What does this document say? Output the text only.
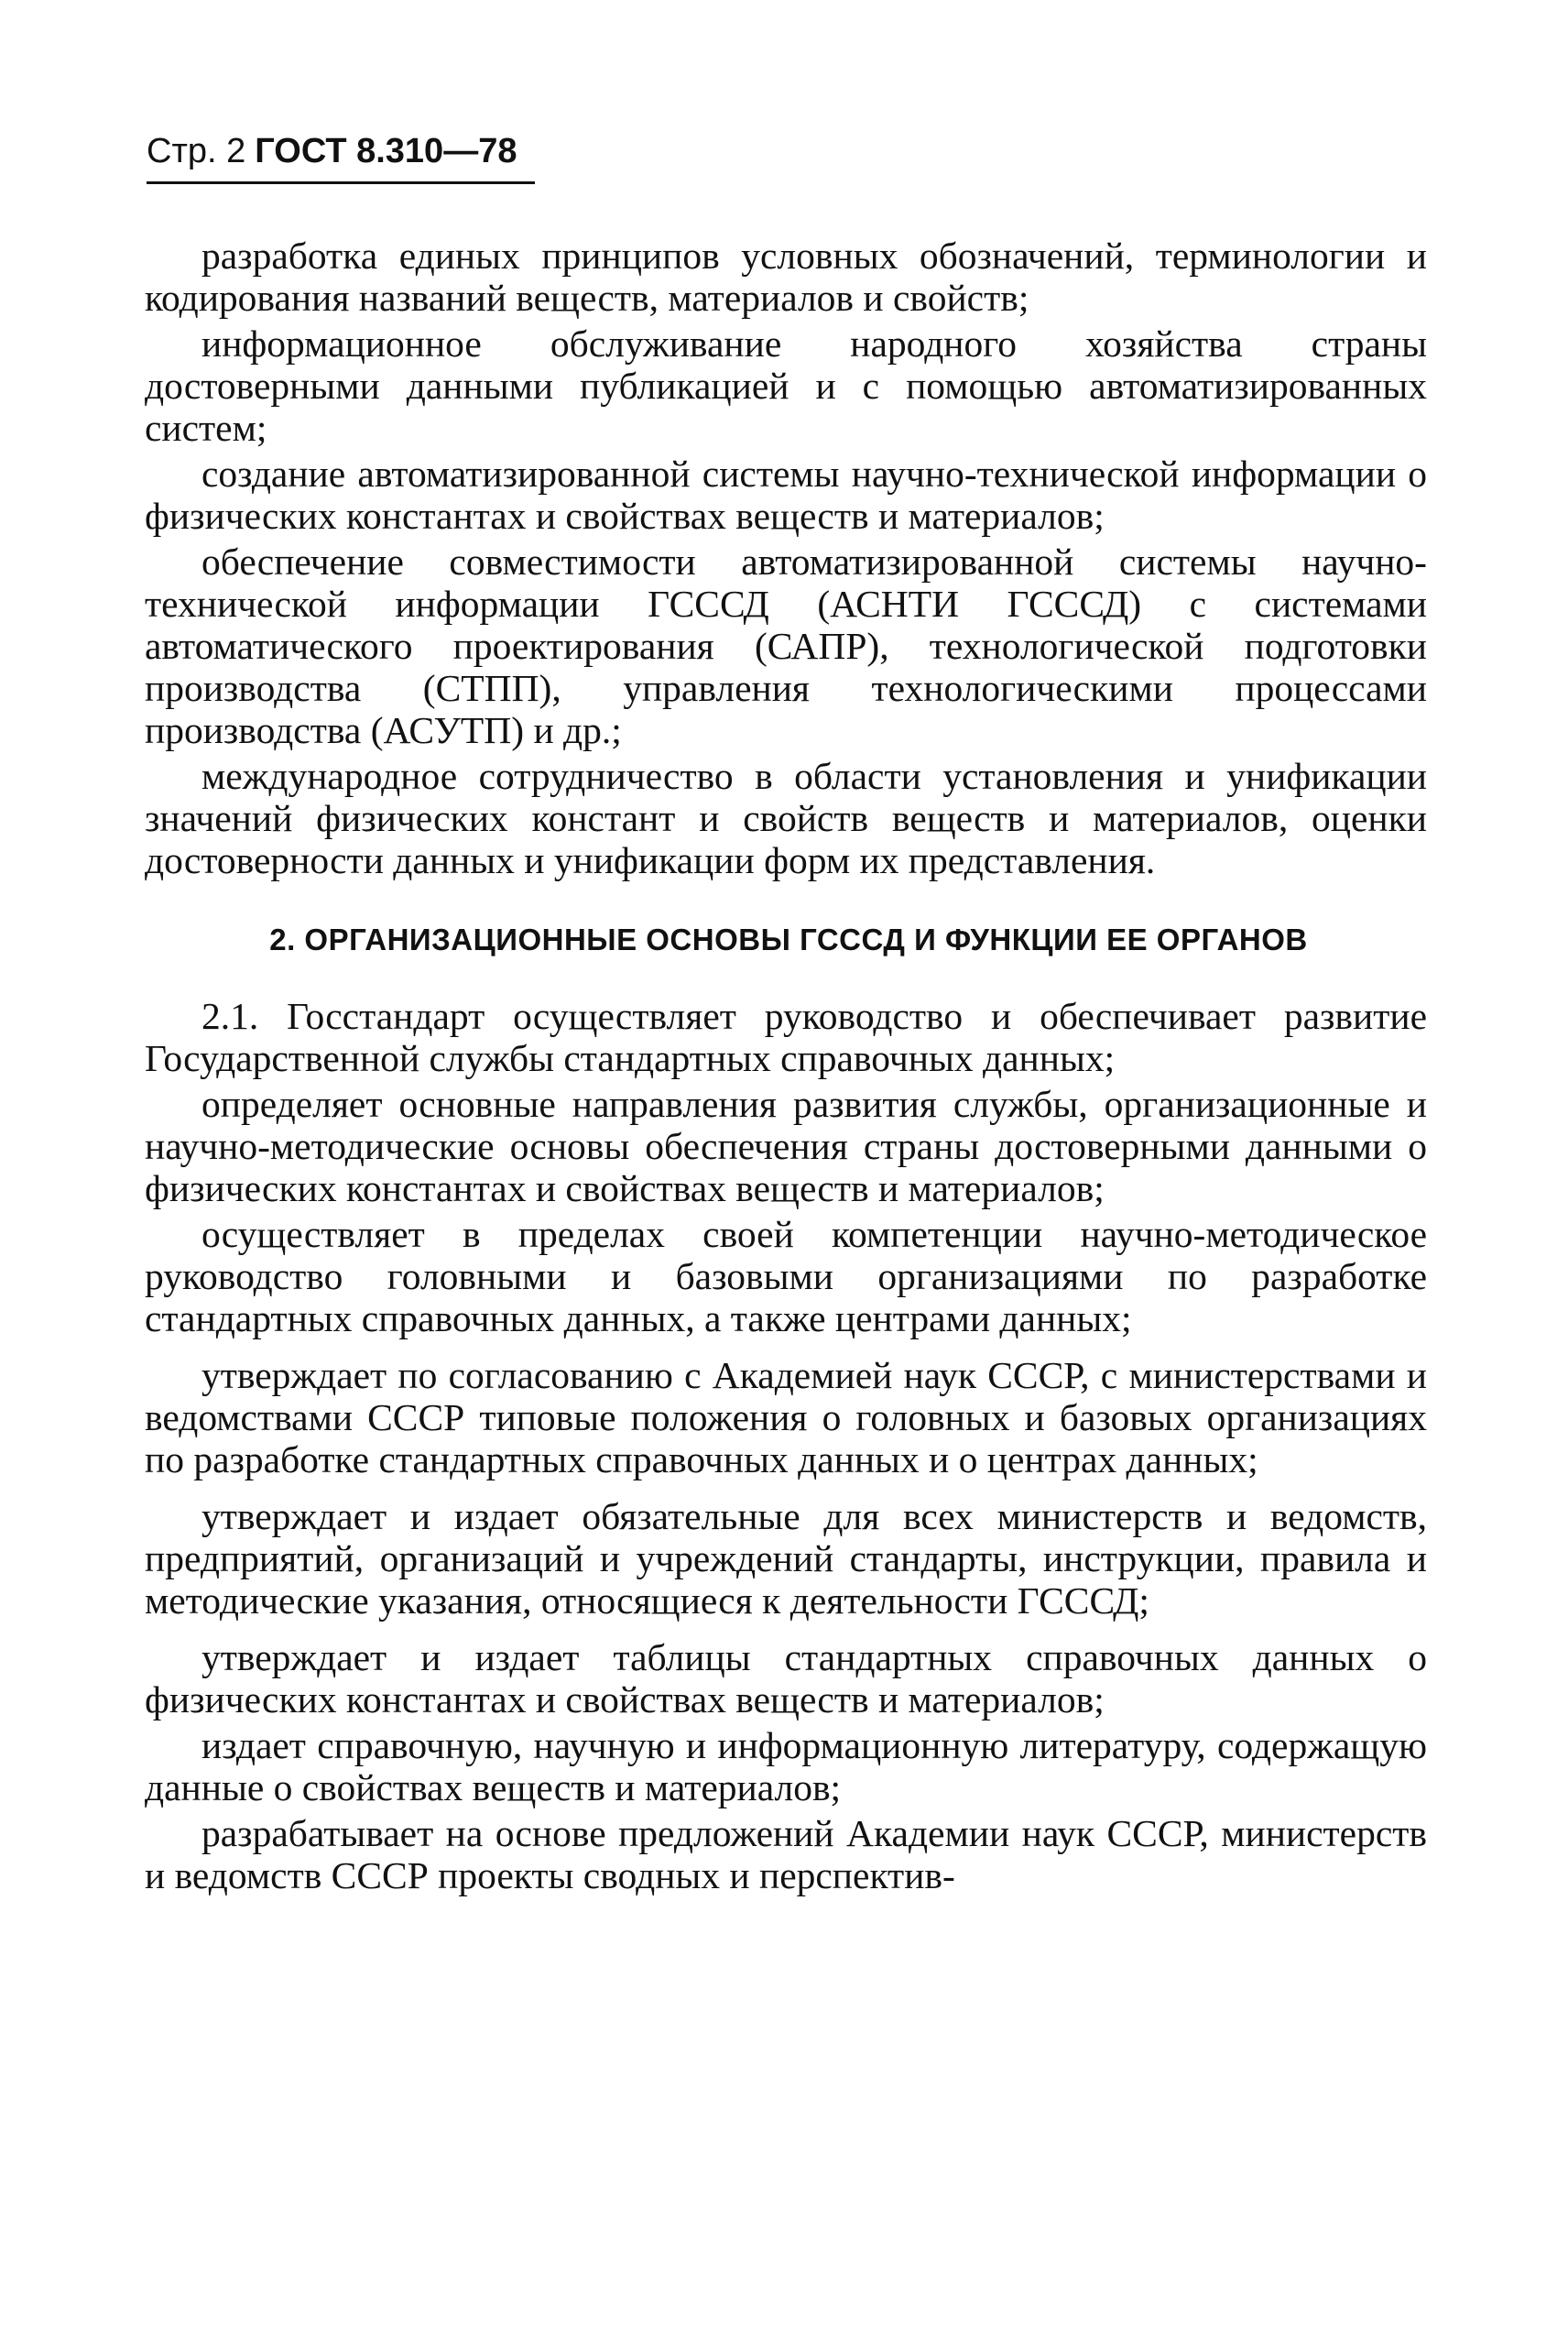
Стр. 2 ГОСТ 8.310—78

разработка единых принципов условных обозначений, терминологии и кодирования названий веществ, материалов и свойств;

информационное обслуживание народного хозяйства страны достоверными данными публикацией и с помощью автоматизированных систем;

создание автоматизированной системы научно-технической информации о физических константах и свойствах веществ и материалов;

обеспечение совместимости автоматизированной системы научно-технической информации ГСССД (АСНТИ ГСССД) с системами автоматического проектирования (САПР), технологической подготовки производства (СТПП), управления технологическими процессами производства (АСУТП) и др.;

международное сотрудничество в области установления и унификации значений физических констант и свойств веществ и материалов, оценки достоверности данных и унификации форм их представления.

2. ОРГАНИЗАЦИОННЫЕ ОСНОВЫ ГСССД И ФУНКЦИИ ЕЕ ОРГАНОВ

2.1. Госстандарт осуществляет руководство и обеспечивает развитие Государственной службы стандартных справочных данных;

определяет основные направления развития службы, организационные и научно-методические основы обеспечения страны достоверными данными о физических константах и свойствах веществ и материалов;

осуществляет в пределах своей компетенции научно-методическое руководство головными и базовыми организациями по разработке стандартных справочных данных, а также центрами данных;

утверждает по согласованию с Академией наук СССР, с министерствами и ведомствами СССР типовые положения о головных и базовых организациях по разработке стандартных справочных данных и о центрах данных;

утверждает и издает обязательные для всех министерств и ведомств, предприятий, организаций и учреждений стандарты, инструкции, правила и методические указания, относящиеся к деятельности ГСССД;

утверждает и издает таблицы стандартных справочных данных о физических константах и свойствах веществ и материалов;

издает справочную, научную и информационную литературу, содержащую данные о свойствах веществ и материалов;

разрабатывает на основе предложений Академии наук СССР, министерств и ведомств СССР проекты сводных и перспектив-
